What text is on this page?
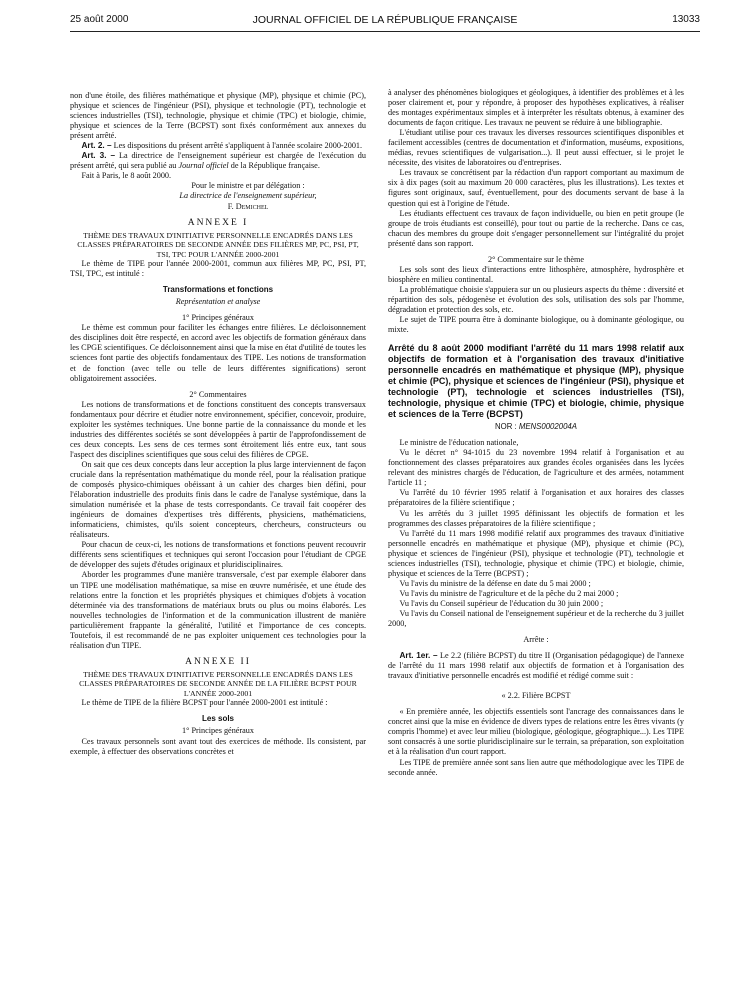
25 août 2000	JOURNAL OFFICIEL DE LA RÉPUBLIQUE FRANÇAISE	13033

non d'une étoile, des filières mathématique et physique (MP), physique et chimie (PC), physique et sciences de l'ingénieur (PSI), physique et technologie (PT), technologie et sciences industrielles (TSI), technologie, physique et chimie (TPC) et biologie, chimie, physique et sciences de la Terre (BCPST) sont fixés conformément aux annexes du présent arrêté.

Art. 2. – Les dispositions du présent arrêté s'appliquent à l'année scolaire 2000-2001.

Art. 3. – La directrice de l'enseignement supérieur est chargée de l'exécution du présent arrêté, qui sera publié au Journal officiel de la République française.

Fait à Paris, le 8 août 2000.

Pour le ministre et par délégation :

La directrice de l'enseignement supérieur,

F. Demichel

ANNEXE I
THÈME DES TRAVAUX D'INITIATIVE PERSONNELLE ENCADRÉS DANS LES CLASSES PRÉPARATOIRES DE SECONDE ANNÉE DES FILIÈRES MP, PC, PSI, PT, TSI, TPC POUR L'ANNÉE 2000-2001

Le thème de TIPE pour l'année 2000-2001, commun aux filières MP, PC, PSI, PT, TSI, TPC, est intitulé :

Transformations et fonctions

Représentation et analyse

1° Principes généraux

Le thème est commun pour faciliter les échanges entre filières. Le décloisonnement des disciplines doit être respecté, en accord avec les objectifs de formation généraux dans les CPGE scientifiques. Ce décloisonnement ainsi que la mise en état d'utilité de toutes les sciences font partie des objectifs fondamentaux des TIPE. Les notions de transformation et de fonction (avec telle ou telle de leurs différentes significations) seront obligatoirement associées.

2° Commentaires

Les notions de transformations et de fonctions constituent des concepts transversaux fondamentaux pour décrire et étudier notre environnement, spécifier, concevoir, produire, exploiter les systèmes techniques. Une bonne partie de la connaissance du monde et les industries des différentes sociétés se sont développées à partir de l'approfondissement de ces deux concepts. Les sens de ces termes sont étroitement liés entre eux, tant sous l'aspect des disciplines scientifiques que sous celui des filières de CPGE.

On sait que ces deux concepts dans leur acception la plus large interviennent de façon cruciale dans la représentation mathématique du monde réel, pour la réalisation pratique de composés physico-chimiques obéissant à un cahier des charges bien défini, pour l'élaboration industrielle des produits finis dans le cadre de l'analyse systémique, dans la simulation numérisée et la phase de tests correspondants. Ce travail fait coopérer des ingénieurs de domaines d'expertises très différents, physiciens, mathématiciens, informaticiens, chimistes, qu'ils soient concepteurs, chercheurs, constructeurs ou réalisateurs.

Pour chacun de ceux-ci, les notions de transformations et fonctions peuvent recouvrir différents sens scientifiques et techniques qui seront l'occasion pour l'étudiant de CPGE de développer des sujets d'études originaux et pluridisciplinaires.

Aborder les programmes d'une manière transversale, c'est par exemple élaborer dans un TIPE une modélisation mathématique, sa mise en œuvre numérisée, et une étude des relations entre la fonction et les propriétés physiques et chimiques d'objets à vocation déterminée via des transformations de matériaux bruts ou plus ou moins élaborés. Les nouvelles technologies de l'information et de la communication illustrent de manière particulièrement frappante la généralité, l'utilité et l'importance de ces concepts. Toutefois, il est recommandé de ne pas exploiter uniquement ces technologies pour la réalisation d'un TIPE.

ANNEXE II
THÈME DES TRAVAUX D'INITIATIVE PERSONNELLE ENCADRÉS DANS LES CLASSES PRÉPARATOIRES DE SECONDE ANNÉE DE LA FILIÈRE BCPST POUR L'ANNÉE 2000-2001

Le thème de TIPE de la filière BCPST pour l'année 2000-2001 est intitulé :

Les sols

1° Principes généraux

Ces travaux personnels sont avant tout des exercices de méthode. Ils consistent, par exemple, à effectuer des observations concrètes et

à analyser des phénomènes biologiques et géologiques, à identifier des problèmes et à les poser clairement et, pour y répondre, à proposer des hypothèses explicatives, à réaliser des montages expérimentaux simples et à interpréter les résultats obtenus, à examiner des documents de façon critique. Les travaux ne peuvent se réduire à une bibliographie.

L'étudiant utilise pour ces travaux les diverses ressources scientifiques disponibles et facilement accessibles (centres de documentation et d'information, muséums, expositions, médias, revues scientifiques de vulgarisation...). Il peut aussi effectuer, si le projet le nécessite, des visites de laboratoires ou d'entreprises.

Les travaux se concrétisent par la rédaction d'un rapport comportant au maximum de six à dix pages (soit au maximum 20 000 caractères, plus les illustrations). Les textes et figures sont originaux, sauf, éventuellement, pour des documents servant de base à la question qui est à l'origine de l'étude.

Les étudiants effectuent ces travaux de façon individuelle, ou bien en petit groupe (le groupe de trois étudiants est conseillé), pour tout ou partie de la recherche. Dans ce cas, chacun des membres du groupe doit s'engager personnellement sur l'intégralité du projet présenté dans son rapport.

2° Commentaire sur le thème

Les sols sont des lieux d'interactions entre lithosphère, atmosphère, hydrosphère et biosphère en milieu continental.

La problématique choisie s'appuiera sur un ou plusieurs aspects du thème : diversité et répartition des sols, pédogenèse et évolution des sols, utilisation des sols par l'homme, dégradation et protection des sols, etc.

Le sujet de TIPE pourra être à dominante biologique, ou à dominante géologique, ou mixte.

Arrêté du 8 août 2000 modifiant l'arrêté du 11 mars 1998 relatif aux objectifs de formation et à l'organisation des travaux d'initiative personnelle encadrés en mathématique et physique (MP), physique et chimie (PC), physique et sciences de l'ingénieur (PSI), physique et technologie (PT), technologie et sciences industrielles (TSI), technologie, physique et chimie (TPC) et biologie, chimie, physique et sciences de la Terre (BCPST)
NOR : MENS0002004A

Le ministre de l'éducation nationale,

Vu le décret n° 94-1015 du 23 novembre 1994 relatif à l'organisation et au fonctionnement des classes préparatoires aux grandes écoles organisées dans les lycées relevant des ministres chargés de l'éducation, de l'agriculture et des armées, notamment l'article 11 ;

Vu l'arrêté du 10 février 1995 relatif à l'organisation et aux horaires des classes préparatoires de la filière scientifique ;

Vu les arrêtés du 3 juillet 1995 définissant les objectifs de formation et les programmes des classes préparatoires de la filière scientifique ;

Vu l'arrêté du 11 mars 1998 modifié relatif aux programmes des travaux d'initiative personnelle encadrés en mathématique et physique (MP), physique et chimie (PC), physique et sciences de l'ingénieur (PSI), physique et technologie (PT), technologie et sciences industrielles (TSI), technologie, physique et chimie (TPC) et biologie, chimie, physique et sciences de la Terre (BCPST) ;

Vu l'avis du ministre de la défense en date du 5 mai 2000 ;

Vu l'avis du ministre de l'agriculture et de la pêche du 2 mai 2000 ;

Vu l'avis du Conseil supérieur de l'éducation du 30 juin 2000 ;

Vu l'avis du Conseil national de l'enseignement supérieur et de la recherche du 3 juillet 2000,

Arrête :

Art. 1er. – Le 2.2 (filière BCPST) du titre II (Organisation pédagogique) de l'annexe de l'arrêté du 11 mars 1998 relatif aux objectifs de formation et à l'organisation des travaux d'initiative personnelle encadrés est modifié et rédigé comme suit :

« 2.2. Filière BCPST

« En première année, les objectifs essentiels sont l'ancrage des connaissances dans le concret ainsi que la mise en évidence de divers types de relations entre les êtres vivants (y compris l'homme) et avec leur milieu (biologique, géologique, géographique...). Les TIPE sont consacrés à une sortie pluridisciplinaire sur le terrain, sa préparation, son exploitation et à la réalisation d'un court rapport.

Les TIPE de première année sont sans lien autre que méthodologique avec les TIPE de seconde année.
